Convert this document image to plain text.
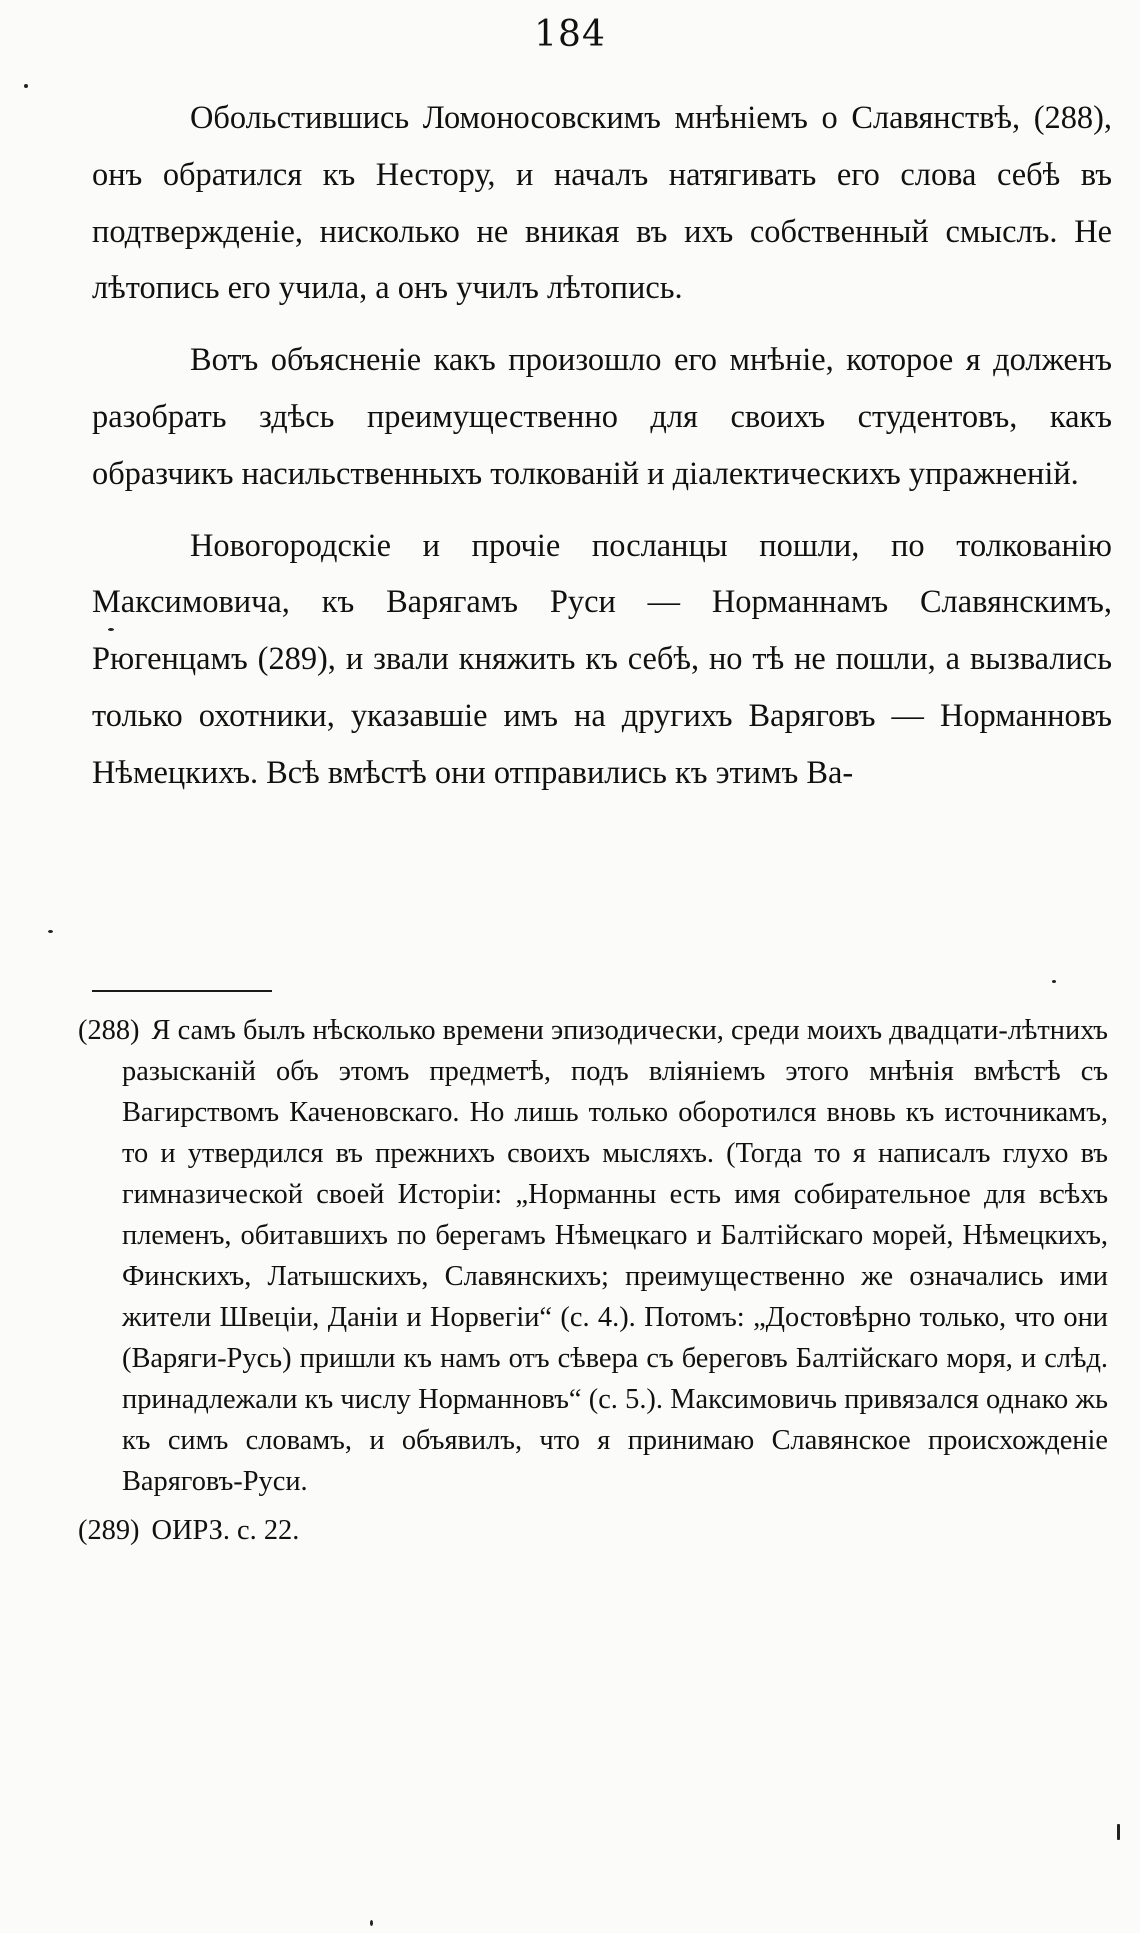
184

Обольстившись Ломоносовскимъ мнѣніемъ о Славянствѣ, (288), онъ обратился къ Нестору, и началъ натягивать его слова себѣ въ подтвержденіе, нисколько не вникая въ ихъ собственный смыслъ. Не лѣтопись его учила, а онъ училъ лѣтопись.

Вотъ объясненіе какъ произошло его мнѣніе, которое я долженъ разобрать здѣсь преимущественно для своихъ студентовъ, какъ образчикъ насильственныхъ толкованій и діалектическихъ упражненій.

Новогородскіе и прочіе посланцы пошли, по толкованію Максимовича, къ Варягамъ Руси — Норманнамъ Славянскимъ, Рюгенцамъ (289), и звали княжить къ себѣ, но тѣ не пошли, а вызвались только охотники, указавшіе имъ на другихъ Варяговъ — Норманновъ Нѣмецкихъ. Всѣ вмѣстѣ они отправились къ этимъ Ва-

(288) Я самъ былъ нѣсколько времени эпизодически, среди моихъ двадцати-лѣтнихъ разысканій объ этомъ предметѣ, подъ вліяніемъ этого мнѣнія вмѣстѣ съ Вагирствомъ Каченовскаго. Но лишь только оборотился вновь къ источникамъ, то и утвердился въ прежнихъ своихъ мысляхъ. (Тогда то я написалъ глухо въ гимназической своей Исторіи: „Норманны есть имя собирательное для всѣхъ племенъ, обитавшихъ по берегамъ Нѣмецкаго и Балтійскаго морей, Нѣмецкихъ, Финскихъ, Латышскихъ, Славянскихъ; преимущественно же означались ими жители Швеціи, Даніи и Норвегіи“ (с. 4.). Потомъ: „Достовѣрно только, что они (Варяги-Русь) пришли къ намъ отъ сѣвера съ береговъ Балтійскаго моря, и слѣд. принадлежали къ числу Норманновъ“ (с. 5.). Максимовичь привязался однако жь къ симъ словамъ, и объявилъ, что я принимаю Славянское происхожденіе Варяговъ-Руси.
(289) ОИРЗ. с. 22.
